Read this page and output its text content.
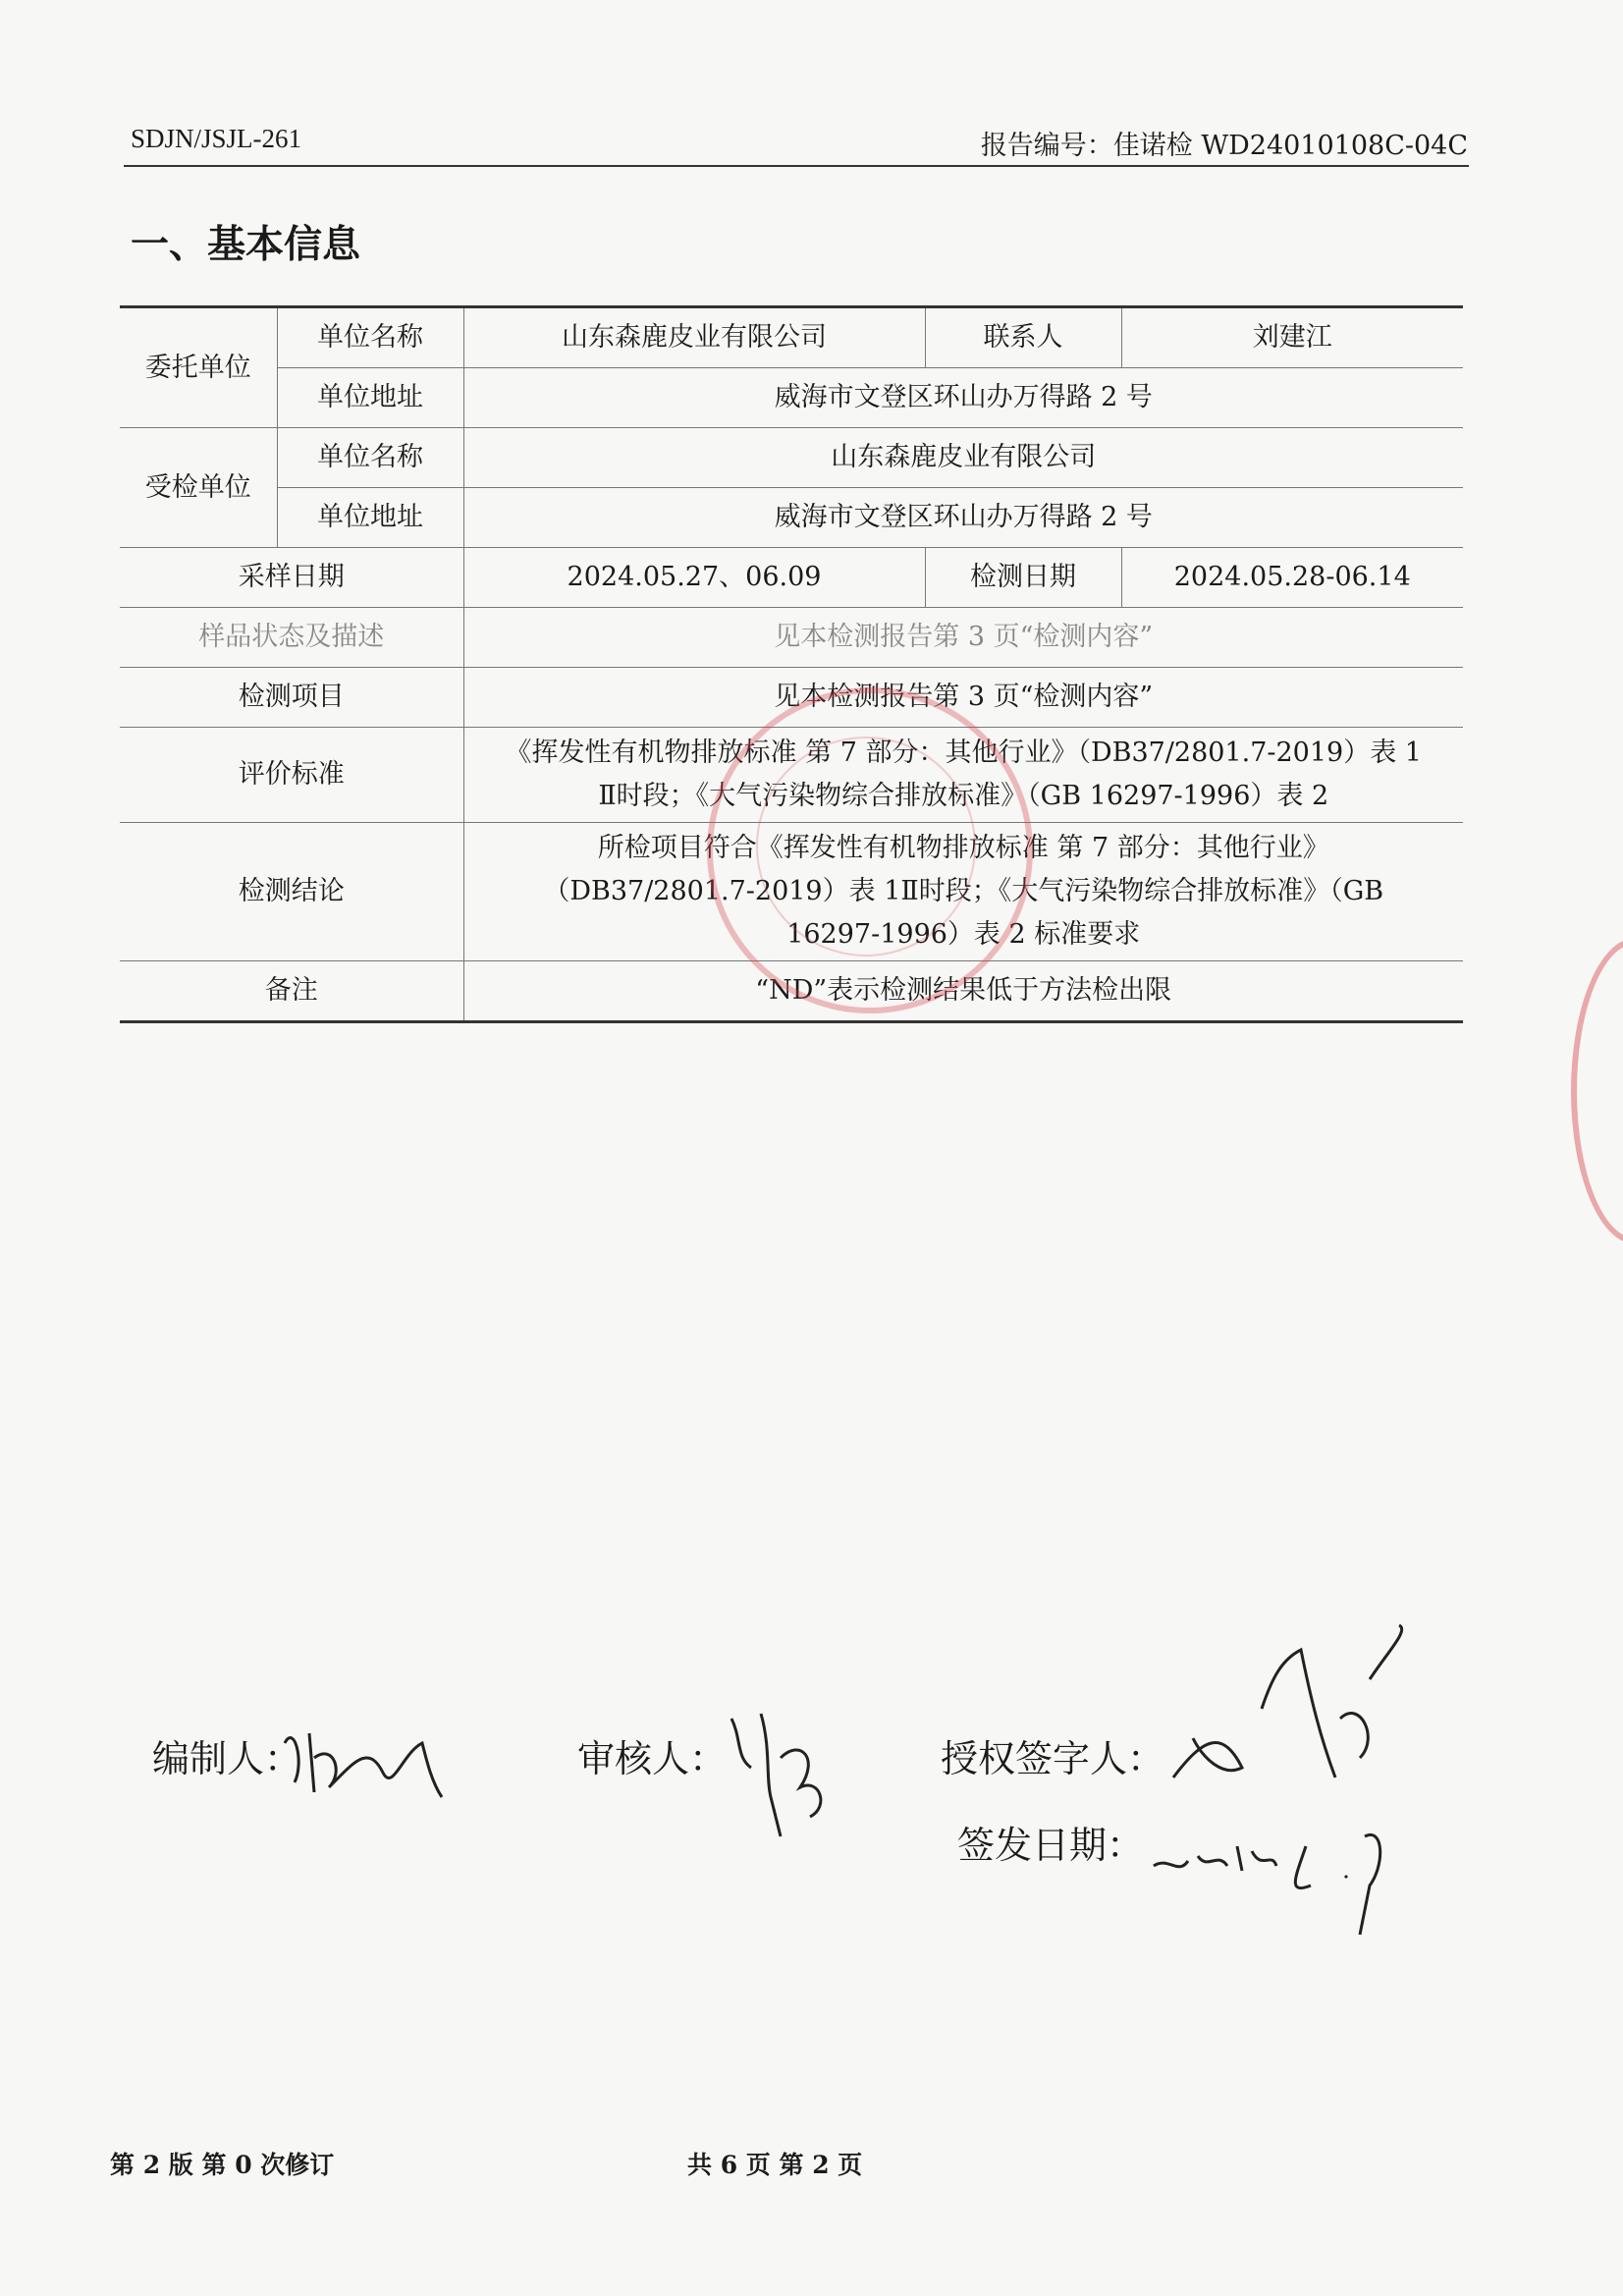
SDJN/JSJL-261	报告编号：佳诺检 WD24010108C-04C
一、基本信息
委托单位	单位名称	山东森鹿皮业有限公司	联系人	刘建江
	单位地址	威海市文登区环山办万得路 2 号		
受检单位	单位名称	山东森鹿皮业有限公司		
	单位地址	威海市文登区环山办万得路 2 号		
采样日期		2024.05.27、06.09	检测日期	2024.05.28-06.14
样品状态及描述		见本检测报告第 3 页“检测内容”		
检测项目		见本检测报告第 3 页“检测内容”		
评价标准		《挥发性有机物排放标准 第 7 部分：其他行业》（DB37/2801.7-2019）表 1
Ⅱ时段；《大气污染物综合排放标准》（GB 16297-1996）表 2		

检测结论		所检项目符合《挥发性有机物排放标准 第 7 部分：其他行业》
（DB37/2801.7-2019）表 1Ⅱ时段；《大气污染物综合排放标准》（GB
16297-1996）表 2 标准要求		

备注		“ND”表示检测结果低于方法检出限		
编制人：	审核人：	授权签字人：
签发日期：
第 2 版 第 0 次修订	共 6 页 第 2 页
